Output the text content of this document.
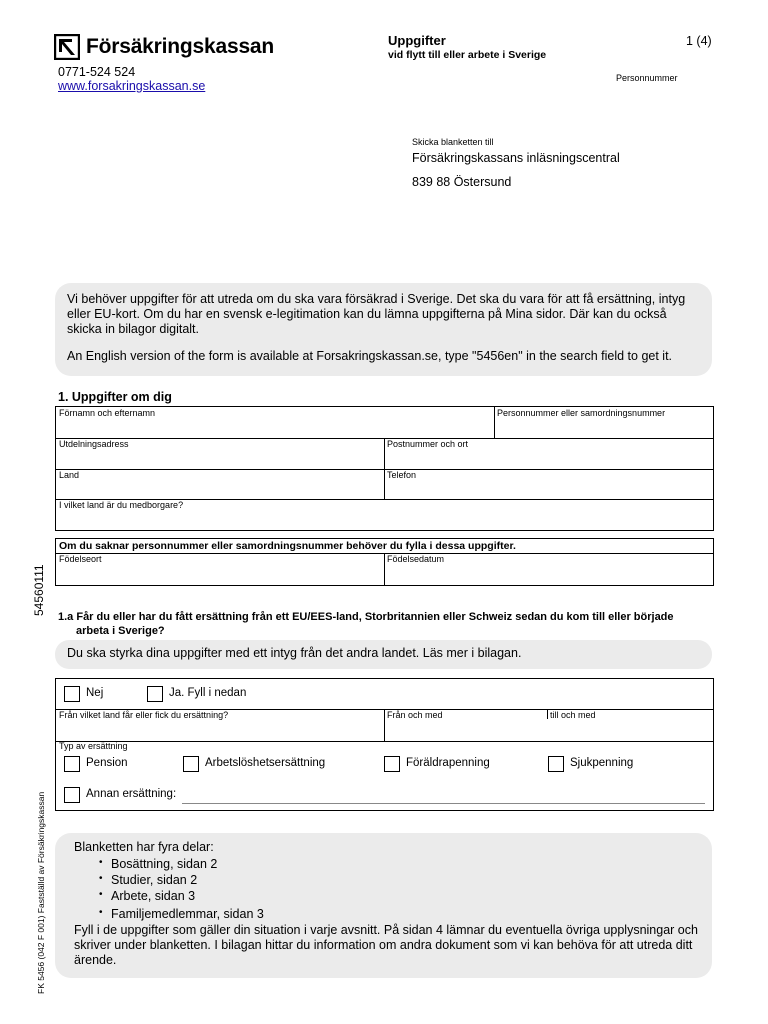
Försäkringskassan
0771-524 524
www.forsakringskassan.se
Uppgifter
vid flytt till eller arbete i Sverige
1 (4)
Personnummer
Skicka blanketten till
Försäkringskassans inläsningscentral
839 88 Östersund
Vi behöver uppgifter för att utreda om du ska vara försäkrad i Sverige. Det ska du vara för att få ersättning, intyg eller EU-kort. Om du har en svensk e-legitimation kan du lämna uppgifterna på Mina sidor. Där kan du också skicka in bilagor digitalt.
An English version of the form is available at Forsakringskassan.se, type "5456en" in the search field to get it.
1. Uppgifter om dig
Förnamn och efternamn	Personnummer eller samordningsnummer
Utdelningsadress	Postnummer och ort
Land	Telefon
I vilket land är du medborgare?
Om du saknar personnummer eller samordningsnummer behöver du fylla i dessa uppgifter.
Födelseort	Födelsedatum
1.a Får du eller har du fått ersättning från ett EU/EES-land, Storbritannien eller Schweiz sedan du kom till eller började arbeta i Sverige?
Du ska styrka dina uppgifter med ett intyg från det andra landet. Läs mer i bilagan.
Nej	Ja. Fyll i nedan
Från vilket land får eller fick du ersättning?	Från och med	till och med
Typ av ersättning
Pension	Arbetslöshetsersättning	Föräldrapenning	Sjukpenning
Annan ersättning:
Blanketten har fyra delar:
• Bosättning, sidan 2
• Studier, sidan 2
• Arbete, sidan 3
• Familjemedlemmar, sidan 3
Fyll i de uppgifter som gäller din situation i varje avsnitt. På sidan 4 lämnar du eventuella övriga upplysningar och skriver under blanketten. I bilagan hittar du information om andra dokument som vi kan behöva för att utreda ditt ärende.
54560111
FK 5456 (042 F 001) Fastställd av Försäkringskassan
